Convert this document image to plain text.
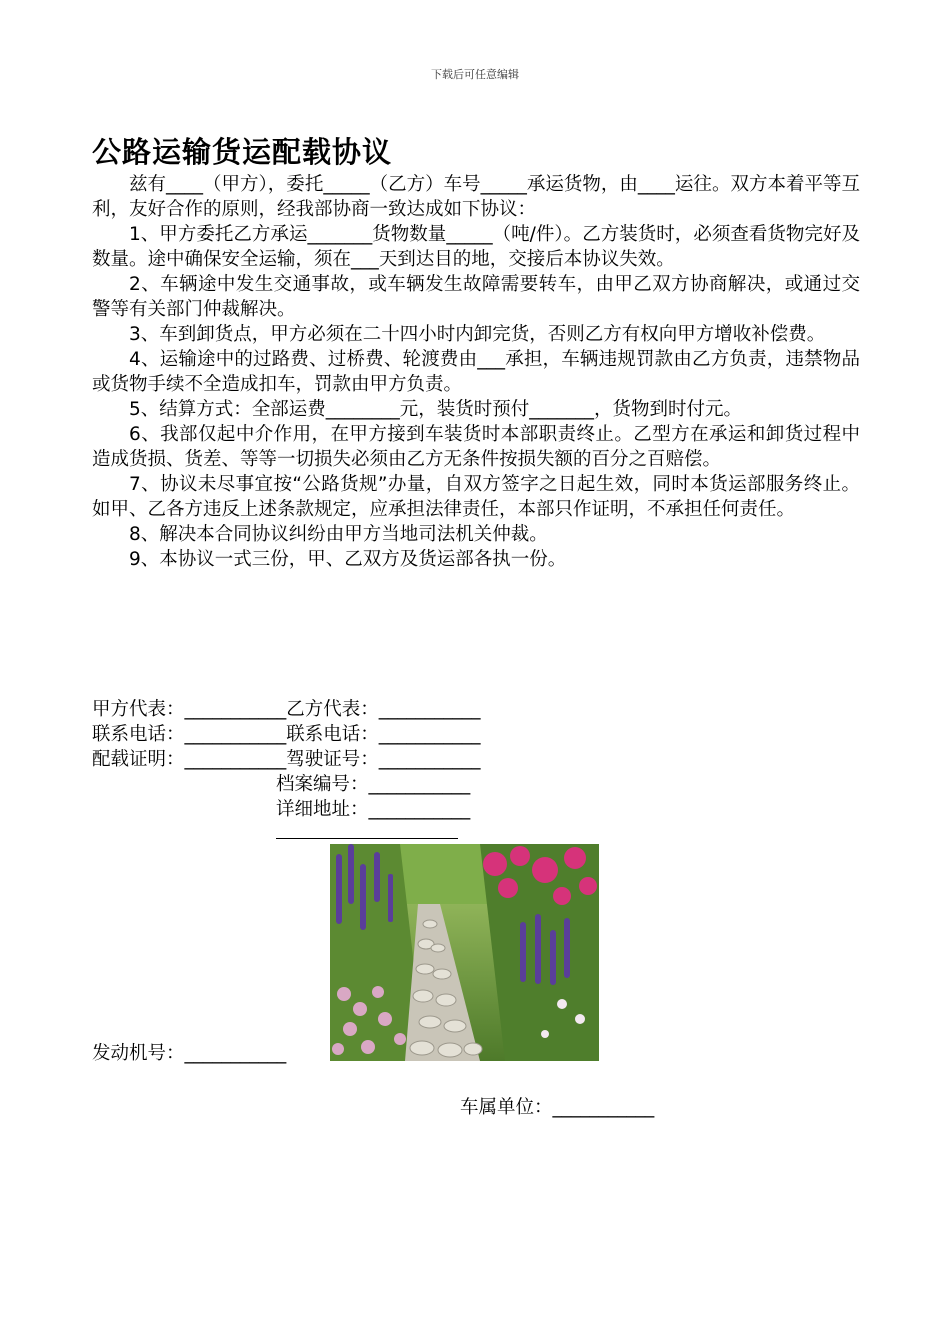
下载后可任意编辑
公路运输货运配载协议

兹有____（甲方），委托_____（乙方）车号_____承运货物，由____运往。双方本着平等互利，友好合作的原则，经我部协商一致达成如下协议：

1、甲方委托乙方承运_______货物数量_____（吨/件）。乙方装货时，必须查看货物完好及数量。途中确保安全运输，须在___天到达目的地，交接后本协议失效。

2、车辆途中发生交通事故，或车辆发生故障需要转车，由甲乙双方协商解决，或通过交警等有关部门仲裁解决。

3、车到卸货点，甲方必须在二十四小时内卸完货，否则乙方有权向甲方增收补偿费。

4、运输途中的过路费、过桥费、轮渡费由___承担，车辆违规罚款由乙方负责，违禁物品或货物手续不全造成扣车，罚款由甲方负责。

5、结算方式：全部运费________元，装货时预付_______，货物到时付元。

6、我部仅起中介作用，在甲方接到车装货时本部职责终止。乙型方在承运和卸货过程中造成货损、货差、等等一切损失必须由乙方无条件按损失额的百分之百赔偿。

7、协议未尽事宜按“公路货规”办量，自双方签字之日起生效，同时本货运部服务终止。如甲、乙各方违反上述条款规定，应承担法律责任，本部只作证明，不承担任何责任。

8、解决本合同协议纠纷由甲方当地司法机关仲裁。

9、本协议一式三份，甲、乙双方及货运部各执一份。

甲方代表：___________乙方代表：___________
联系电话：___________联系电话：___________
配载证明：___________驾驶证号：___________
档案编号：___________
详细地址：___________
发动机号：___________
车属单位：___________
